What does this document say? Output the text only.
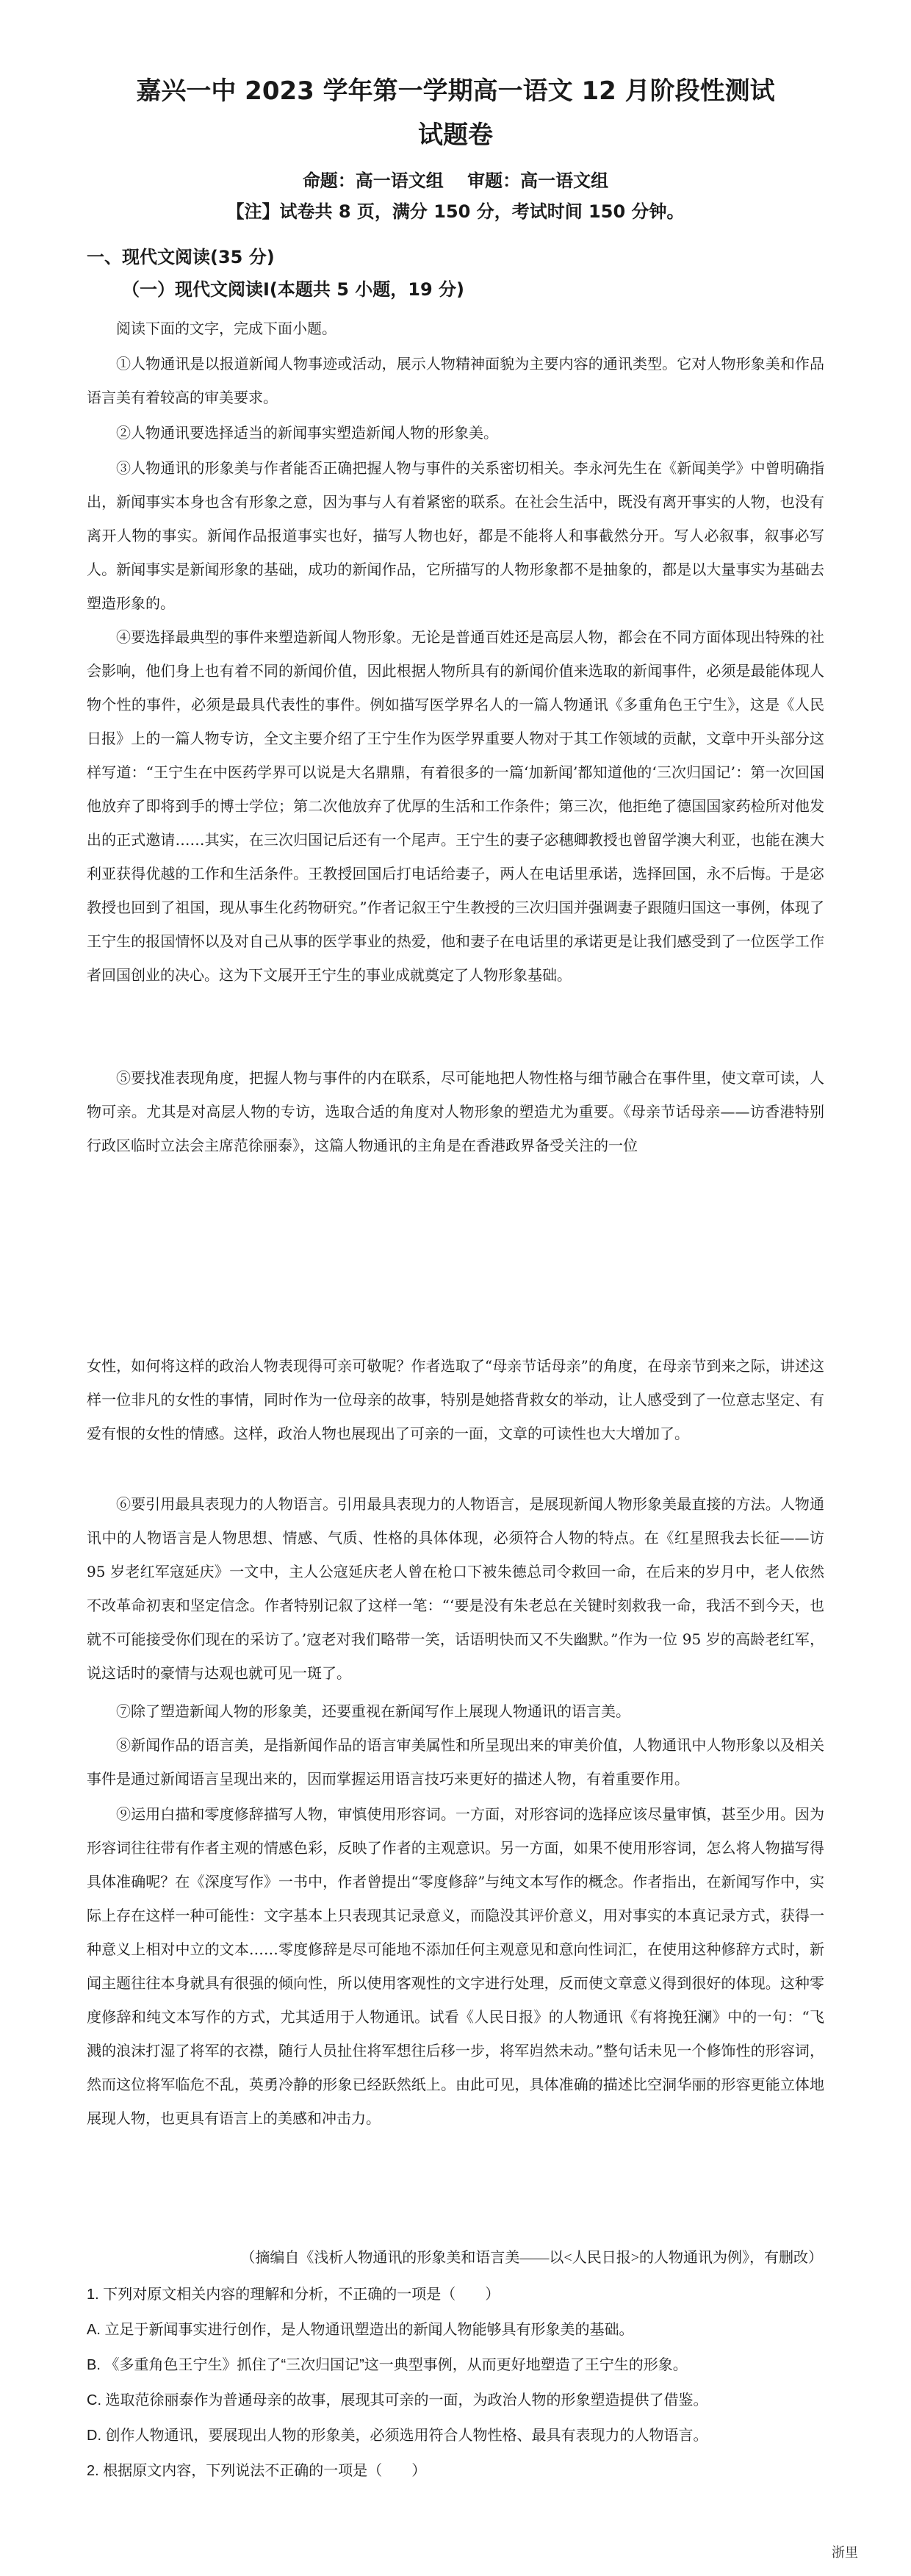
嘉兴一中 2023 学年第一学期高一语文 12 月阶段性测试
试题卷
命题：高一语文组 　审题：高一语文组
【注】试卷共 8 页，满分 150 分，考试时间 150 分钟。
一、现代文阅读(35 分)
（一）现代文阅读Ⅰ(本题共 5 小题，19 分)

阅读下面的文字，完成下面小题。

①人物通讯是以报道新闻人物事迹或活动，展示人物精神面貌为主要内容的通讯类型。它对人物形象美和作品语言美有着较高的审美要求。

②人物通讯要选择适当的新闻事实塑造新闻人物的形象美。

③人物通讯的形象美与作者能否正确把握人物与事件的关系密切相关。李永河先生在《新闻美学》中曾明确指出，新闻事实本身也含有形象之意，因为事与人有着紧密的联系。在社会生活中，既没有离开事实的人物，也没有离开人物的事实。新闻作品报道事实也好，描写人物也好，都是不能将人和事截然分开。写人必叙事，叙事必写人。新闻事实是新闻形象的基础，成功的新闻作品，它所描写的人物形象都不是抽象的，都是以大量事实为基础去塑造形象的。

④要选择最典型的事件来塑造新闻人物形象。无论是普通百姓还是高层人物，都会在不同方面体现出特殊的社会影响，他们身上也有着不同的新闻价值，因此根据人物所具有的新闻价值来选取的新闻事件，必须是最能体现人物个性的事件，必须是最具代表性的事件。例如描写医学界名人的一篇人物通讯《多重角色王宁生》，这是《人民日报》上的一篇人物专访，全文主要介绍了王宁生作为医学界重要人物对于其工作领域的贡献，文章中开头部分这样写道：“王宁生在中医药学界可以说是大名鼎鼎，有着很多的一篇‘加新闻’都知道他的‘三次归国记’：第一次回国他放弃了即将到手的博士学位；第二次他放弃了优厚的生活和工作条件；第三次，他拒绝了德国国家药检所对他发出的正式邀请……其实，在三次归国记后还有一个尾声。王宁生的妻子宓穗卿教授也曾留学澳大利亚，也能在澳大利亚获得优越的工作和生活条件。王教授回国后打电话给妻子，两人在电话里承诺，选择回国，永不后悔。于是宓教授也回到了祖国，现从事生化药物研究。”作者记叙王宁生教授的三次归国并强调妻子跟随归国这一事例，体现了王宁生的报国情怀以及对自己从事的医学事业的热爱，他和妻子在电话里的承诺更是让我们感受到了一位医学工作者回国创业的决心。这为下文展开王宁生的事业成就奠定了人物形象基础。

⑤要找准表现角度，把握人物与事件的内在联系，尽可能地把人物性格与细节融合在事件里，使文章可读，人物可亲。尤其是对高层人物的专访，选取合适的角度对人物形象的塑造尤为重要。《母亲节话母亲——访香港特别行政区临时立法会主席范徐丽泰》，这篇人物通讯的主角是在香港政界备受关注的一位

女性，如何将这样的政治人物表现得可亲可敬呢？作者选取了“母亲节话母亲”的角度，在母亲节到来之际，讲述这样一位非凡的女性的事情，同时作为一位母亲的故事，特别是她搭背救女的举动，让人感受到了一位意志坚定、有爱有恨的女性的情感。这样，政治人物也展现出了可亲的一面，文章的可读性也大大增加了。

⑥要引用最具表现力的人物语言。引用最具表现力的人物语言，是展现新闻人物形象美最直接的方法。人物通讯中的人物语言是人物思想、情感、气质、性格的具体体现，必须符合人物的特点。在《红星照我去长征——访 95 岁老红军寇延庆》一文中，主人公寇延庆老人曾在枪口下被朱德总司令救回一命，在后来的岁月中，老人依然不改革命初衷和坚定信念。作者特别记叙了这样一笔：“‘要是没有朱老总在关键时刻救我一命，我活不到今天，也就不可能接受你们现在的采访了。’寇老对我们略带一笑，话语明快而又不失幽默。”作为一位 95 岁的高龄老红军，说这话时的豪情与达观也就可见一斑了。

⑦除了塑造新闻人物的形象美，还要重视在新闻写作上展现人物通讯的语言美。

⑧新闻作品的语言美，是指新闻作品的语言审美属性和所呈现出来的审美价值，人物通讯中人物形象以及相关事件是通过新闻语言呈现出来的，因而掌握运用语言技巧来更好的描述人物，有着重要作用。

⑨运用白描和零度修辞描写人物，审慎使用形容词。一方面，对形容词的选择应该尽量审慎，甚至少用。因为形容词往往带有作者主观的情感色彩，反映了作者的主观意识。另一方面，如果不使用形容词，怎么将人物描写得具体准确呢？在《深度写作》一书中，作者曾提出“零度修辞”与纯文本写作的概念。作者指出，在新闻写作中，实际上存在这样一种可能性：文字基本上只表现其记录意义，而隐没其评价意义，用对事实的本真记录方式，获得一种意义上相对中立的文本……零度修辞是尽可能地不添加任何主观意见和意向性词汇，在使用这种修辞方式时，新闻主题往往本身就具有很强的倾向性，所以使用客观性的文字进行处理，反而使文章意义得到很好的体现。这种零度修辞和纯文本写作的方式，尤其适用于人物通讯。试看《人民日报》的人物通讯《有将挽狂澜》中的一句：“飞溅的浪沫打湿了将军的衣襟，随行人员扯住将军想往后移一步，将军岿然未动。”整句话未见一个修饰性的形容词，然而这位将军临危不乱，英勇冷静的形象已经跃然纸上。由此可见，具体准确的描述比空洞华丽的形容更能立体地展现人物，也更具有语言上的美感和冲击力。

（摘编自《浅析人物通讯的形象美和语言美——以<人民日报>的人物通讯为例》，有删改）

1. 下列对原文相关内容的理解和分析，不正确的一项是（　　）

A. 立足于新闻事实进行创作，是人物通讯塑造出的新闻人物能够具有形象美的基础。

B. 《多重角色王宁生》抓住了“三次归国记”这一典型事例，从而更好地塑造了王宁生的形象。

C. 选取范徐丽泰作为普通母亲的故事，展现其可亲的一面，为政治人物的形象塑造提供了借鉴。

D. 创作人物通讯，要展现出人物的形象美，必须选用符合人物性格、最具有表现力的人物语言。

2. 根据原文内容，下列说法不正确的一项是（　　）

浙里
